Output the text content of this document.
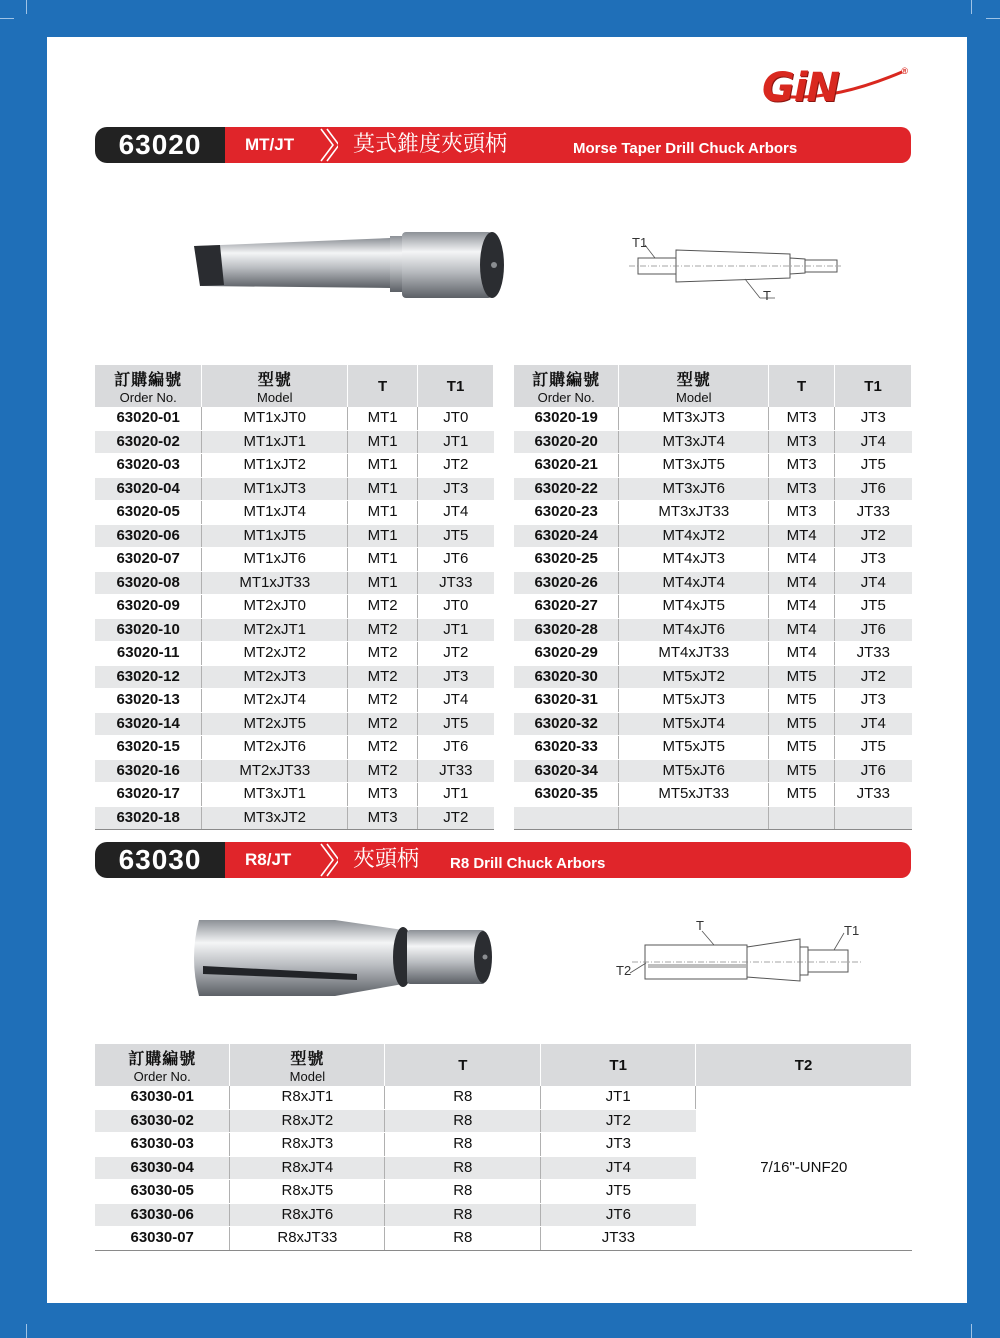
GiN	®
63020	MT/JT	莫式錐度夾頭柄	Morse Taper Drill Chuck Arbors
T1
T
訂購編號
Order No.	型號
Model	T	T1
63020-01	MT1xJT0	MT1	JT0
63020-02	MT1xJT1	MT1	JT1
63020-03	MT1xJT2	MT1	JT2
63020-04	MT1xJT3	MT1	JT3
63020-05	MT1xJT4	MT1	JT4
63020-06	MT1xJT5	MT1	JT5
63020-07	MT1xJT6	MT1	JT6
63020-08	MT1xJT33	MT1	JT33
63020-09	MT2xJT0	MT2	JT0
63020-10	MT2xJT1	MT2	JT1
63020-11	MT2xJT2	MT2	JT2
63020-12	MT2xJT3	MT2	JT3
63020-13	MT2xJT4	MT2	JT4
63020-14	MT2xJT5	MT2	JT5
63020-15	MT2xJT6	MT2	JT6
63020-16	MT2xJT33	MT2	JT33
63020-17	MT3xJT1	MT3	JT1
63020-18	MT3xJT2	MT3	JT2
訂購編號
Order No.	型號
Model	T	T1
63020-19	MT3xJT3	MT3	JT3
63020-20	MT3xJT4	MT3	JT4
63020-21	MT3xJT5	MT3	JT5
63020-22	MT3xJT6	MT3	JT6
63020-23	MT3xJT33	MT3	JT33
63020-24	MT4xJT2	MT4	JT2
63020-25	MT4xJT3	MT4	JT3
63020-26	MT4xJT4	MT4	JT4
63020-27	MT4xJT5	MT4	JT5
63020-28	MT4xJT6	MT4	JT6
63020-29	MT4xJT33	MT4	JT33
63020-30	MT5xJT2	MT5	JT2
63020-31	MT5xJT3	MT5	JT3
63020-32	MT5xJT4	MT5	JT4
63020-33	MT5xJT5	MT5	JT5
63020-34	MT5xJT6	MT5	JT6
63020-35	MT5xJT33	MT5	JT33

63030	R8/JT	夾頭柄 R8 Drill Chuck Arbors
T	T1
T2
訂購編號
Order No.	型號
Model	T	T1	T2
63030-01	R8xJT1	R8	JT1	7/16"-UNF20
63030-02	R8xJT2	R8	JT2	
63030-03	R8xJT3	R8	JT3	
63030-04	R8xJT4	R8	JT4	
63030-05	R8xJT5	R8	JT5	
63030-06	R8xJT6	R8	JT6	
63030-07	R8xJT33	R8	JT33	
